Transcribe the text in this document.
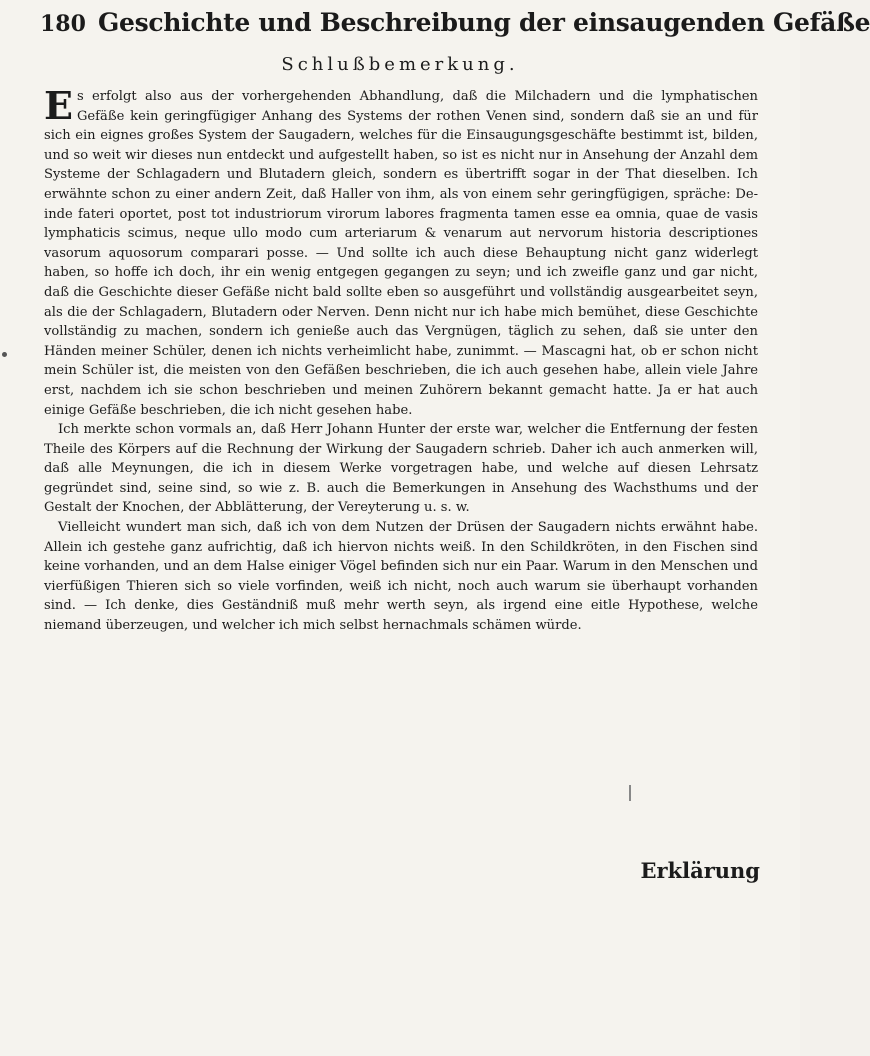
180 Geschichte und Beschreibung der einsaugenden Gefäße
Schlußbemerkung.

E s erfolgt also aus der vorhergehenden Abhandlung, daß die Milchadern und die lymphatischen Gefäße kein geringfügiger Anhang des Systems der rothen Venen sind, sondern daß sie an und für sich ein eignes großes System der Saugadern, welches für die Einsaugungsgeschäfte bestimmt ist, bilden, und so weit wir dieses nun entdeckt und aufgestellt haben, so ist es nicht nur in Ansehung der Anzahl dem Systeme der Schlagadern und Blutadern gleich, sondern es übertrifft sogar in der That dieselben. Ich erwähnte schon zu einer andern Zeit, daß Haller von ihm, als von einem sehr geringfügigen, spräche: De- inde fateri oportet, post tot industriorum virorum labores fragmenta tamen esse ea omnia, quae de vasis lymphaticis scimus, neque ullo modo cum arteriarum & venarum aut nervorum historia descriptiones vasorum aquosorum comparari posse. — Und sollte ich auch diese Behauptung nicht ganz widerlegt haben, so hoffe ich doch, ihr ein wenig entgegen gegangen zu seyn; und ich zweifle ganz und gar nicht, daß die Geschichte dieser Gefäße nicht bald sollte eben so ausgeführt und vollständig ausgearbeitet seyn, als die der Schlagadern, Blutadern oder Nerven. Denn nicht nur ich habe mich bemühet, diese Geschichte vollständig zu machen, sondern ich genieße auch das Vergnügen, täglich zu sehen, daß sie unter den Händen meiner Schüler, denen ich nichts verheimlicht habe, zunimmt. — Mascagni hat, ob er schon nicht mein Schüler ist, die meisten von den Gefäßen beschrieben, die ich auch gesehen habe, allein viele Jahre erst, nachdem ich sie schon beschrieben und meinen Zuhörern bekannt gemacht hatte. Ja er hat auch einige Gefäße beschrieben, die ich nicht gesehen habe.

Ich merkte schon vormals an, daß Herr Johann Hunter der erste war, welcher die Entfernung der festen Theile des Körpers auf die Rechnung der Wirkung der Saugadern schrieb. Daher ich auch anmerken will, daß alle Meynungen, die ich in diesem Werke vorgetragen habe, und welche auf diesen Lehrsatz gegründet sind, seine sind, so wie z. B. auch die Bemerkungen in Ansehung des Wachsthums und der Gestalt der Knochen, der Abblätterung, der Vereyterung u. s. w.

Vielleicht wundert man sich, daß ich von dem Nutzen der Drüsen der Saugadern nichts erwähnt habe. Allein ich gestehe ganz aufrichtig, daß ich hiervon nichts weiß. In den Schildkröten, in den Fischen sind keine vorhanden, und an dem Halse einiger Vögel befinden sich nur ein Paar. Warum in den Menschen und vierfüßigen Thieren sich so viele vorfinden, weiß ich nicht, noch auch warum sie überhaupt vorhanden sind. — Ich denke, dies Geständniß muß mehr werth seyn, als irgend eine eitle Hypothese, welche niemand überzeugen, und welcher ich mich selbst hernachmals schämen würde.

Erklärung
